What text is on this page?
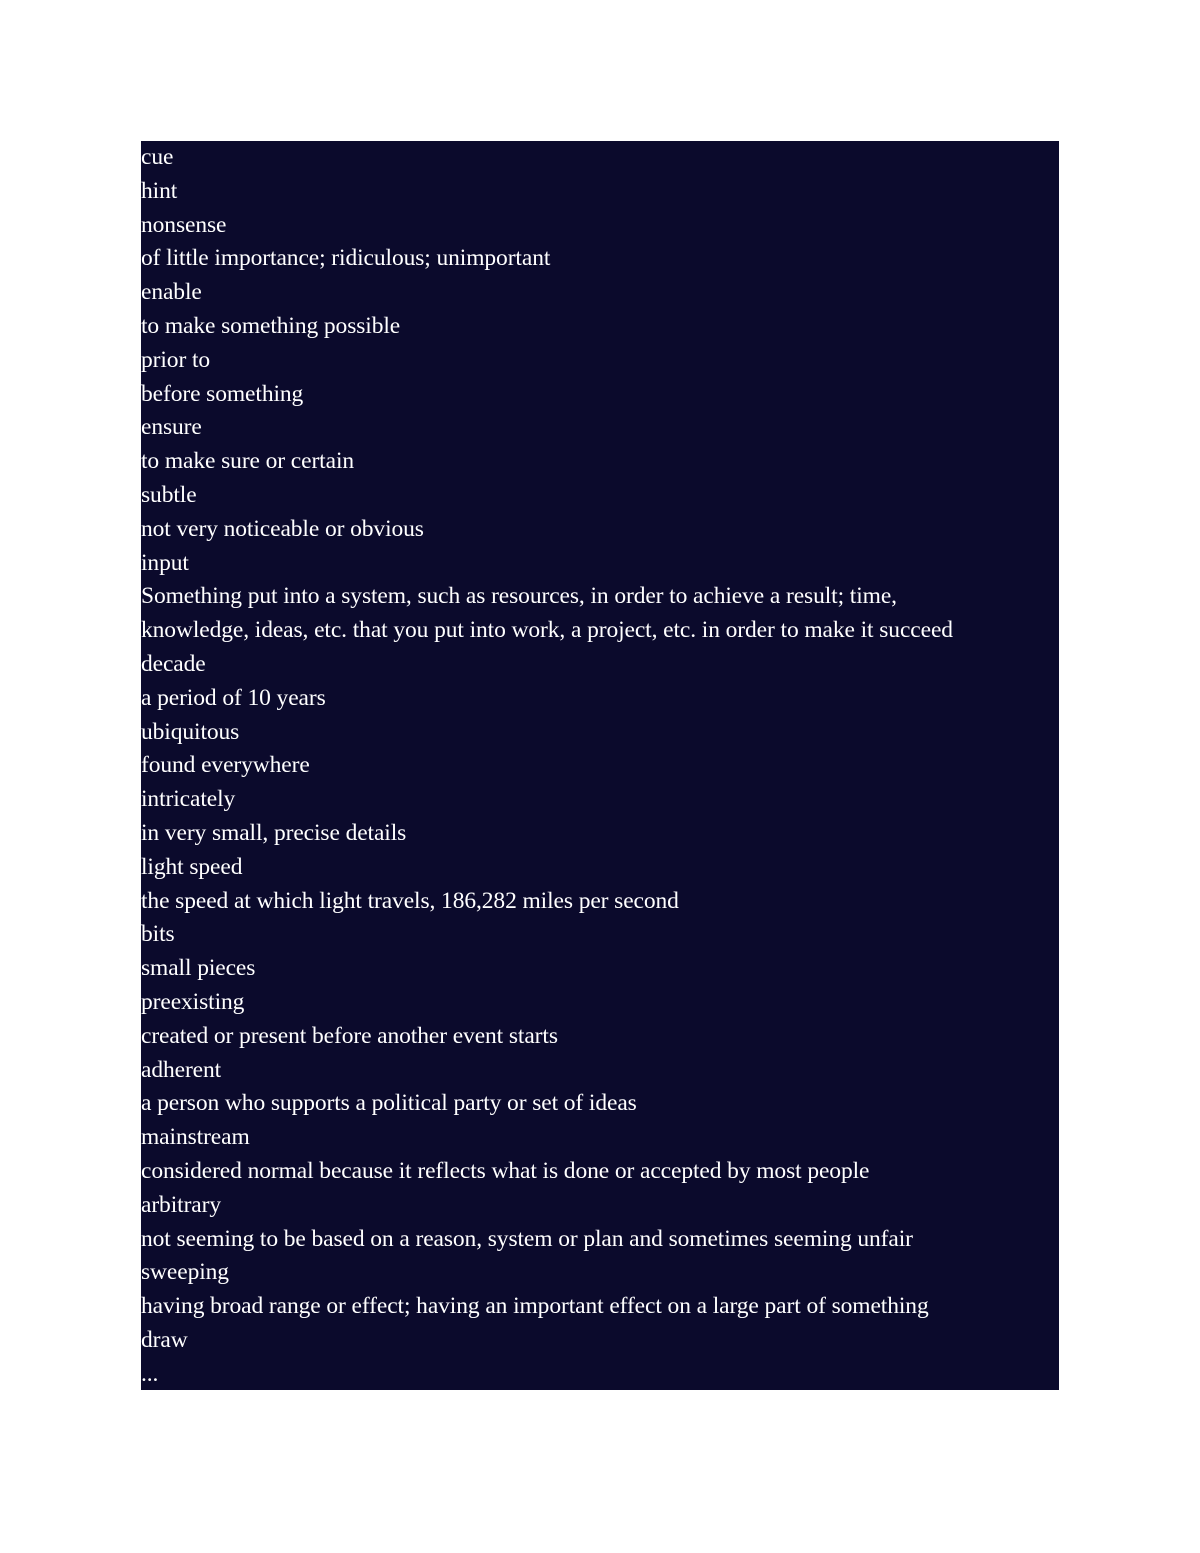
cue
hint
nonsense
of little importance; ridiculous; unimportant
enable
to make something possible
prior to
before something
ensure
to make sure or certain
subtle
not very noticeable or obvious
input
Something put into a system, such as resources, in order to achieve a result; time,
knowledge, ideas, etc. that you put into work, a project, etc. in order to make it succeed
decade
a period of 10 years
ubiquitous
found everywhere
intricately
in very small, precise details
light speed
the speed at which light travels, 186,282 miles per second
bits
small pieces
preexisting
created or present before another event starts
adherent
a person who supports a political party or set of ideas
mainstream
considered normal because it reflects what is done or accepted by most people
arbitrary
not seeming to be based on a reason, system or plan and sometimes seeming unfair
sweeping
having broad range or effect; having an important effect on a large part of something
draw
...
